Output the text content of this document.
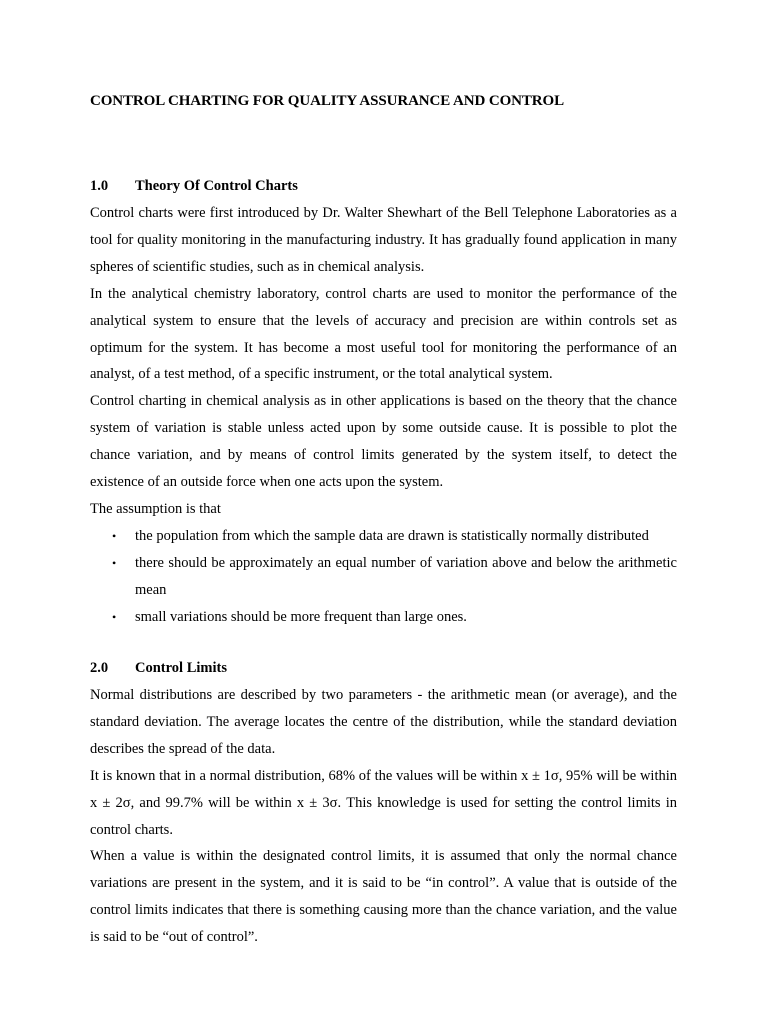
CONTROL CHARTING FOR QUALITY ASSURANCE AND CONTROL
1.0 Theory Of Control Charts

Control charts were first introduced by Dr. Walter Shewhart of the Bell Telephone Laboratories as a tool for quality monitoring in the manufacturing industry. It has gradually found application in many spheres of scientific studies, such as in chemical analysis.

In the analytical chemistry laboratory, control charts are used to monitor the performance of the analytical system to ensure that the levels of accuracy and precision are within controls set as optimum for the system. It has become a most useful tool for monitoring the performance of an analyst, of a test method, of a specific instrument, or the total analytical system.

Control charting in chemical analysis as in other applications is based on the theory that the chance system of variation is stable unless acted upon by some outside cause. It is possible to plot the chance variation, and by means of control limits generated by the system itself, to detect the existence of an outside force when one acts upon the system.

The assumption is that

• the population from which the sample data are drawn is statistically normally distributed
• there should be approximately an equal number of variation above and below the arithmetic mean
• small variations should be more frequent than large ones.
2.0 Control Limits

Normal distributions are described by two parameters - the arithmetic mean (or average), and the standard deviation. The average locates the centre of the distribution, while the standard deviation describes the spread of the data.

It is known that in a normal distribution, 68% of the values will be within x ± 1σ, 95% will be within x ± 2σ, and 99.7% will be within x ± 3σ. This knowledge is used for setting the control limits in control charts.

When a value is within the designated control limits, it is assumed that only the normal chance variations are present in the system, and it is said to be “in control”. A value that is outside of the control limits indicates that there is something causing more than the chance variation, and the value is said to be “out of control”.
